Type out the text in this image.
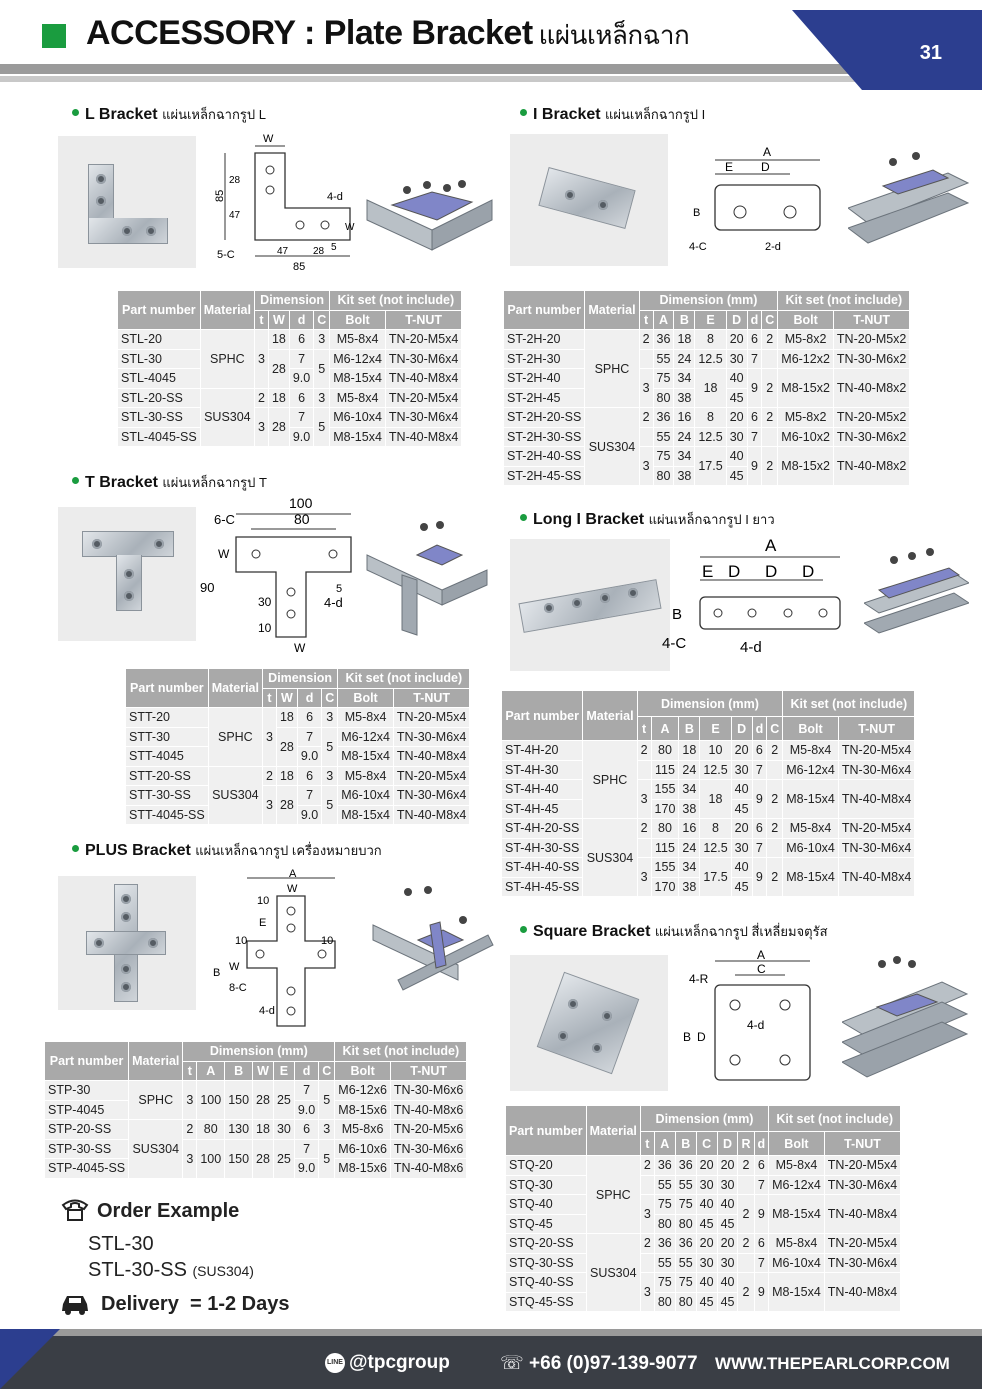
ACCESSORY : Plate Bracket แผ่นเหล็กฉาก
31
L Bracket แผ่นเหล็กฉากรูป L
W
85
28
47
47 28
85
4-d
5-C
W
5
Part number	Material	Dimension				Kit set (not include)	
		t	W	d	C	Bolt	T-NUT
STL-20	SPHC	3	18	6	3	M5-8x4	TN-20-M5x4
STL-30			28	7	5	M6-12x4	TN-30-M6x4
STL-4045				9.0		M8-15x4	TN-40-M8x4
STL-20-SS	SUS304	2	18	6	3	M5-8x4	TN-20-M5x4
STL-30-SS		3	28	7	5	M6-10x4	TN-30-M6x4
STL-4045-SS				9.0		M8-15x4	TN-40-M8x4
I Bracket แผ่นเหล็กฉากรูป I
A
E D
B
4-C	2-d
Part number	Material	Dimension (mm)							Kit set (not include)	
		t	A	B	E	D	d	C	Bolt	T-NUT
ST-2H-20	SPHC	2	36	18	8	20	6	2	M5-8x2	TN-20-M5x2
ST-2H-30			55	24	12.5	30	7		M6-12x2	TN-30-M6x2
ST-2H-40		3	75	34	18	40	9	2	M8-15x2	TN-40-M8x2
ST-2H-45			80	38		45				
ST-2H-20-SS	SUS304	2	36	16	8	20	6	2	M5-8x2	TN-20-M5x2
ST-2H-30-SS			55	24	12.5	30	7		M6-10x2	TN-30-M6x2
ST-2H-40-SS		3	75	34	17.5	40	9	2	M8-15x2	TN-40-M8x2
ST-2H-45-SS			80	38		45				
T Bracket แผ่นเหล็กฉากรูป T
100
80
6-C
W
90
10
30	4-d
W
5
Part number	Material	Dimension				Kit set (not include)	
		t	W	d	C	Bolt	T-NUT
STT-20	SPHC	3	18	6	3	M5-8x4	TN-20-M5x4
STT-30			28	7	5	M6-12x4	TN-30-M6x4
STT-4045				9.0		M8-15x4	TN-40-M8x4
STT-20-SS	SUS304	2	18	6	3	M5-8x4	TN-20-M5x4
STT-30-SS		3	28	7	5	M6-10x4	TN-30-M6x4
STT-4045-SS				9.0		M8-15x4	TN-40-M8x4
Long I Bracket แผ่นเหล็กฉากรูป I ยาว
A
E D D D
B
4-C	4-d
Part number	Material	Dimension (mm)							Kit set (not include)	
		t	A	B	E	D	d	C	Bolt	T-NUT
ST-4H-20	SPHC	2	80	18	10	20	6	2	M5-8x4	TN-20-M5x4
ST-4H-30			115	24	12.5	30	7		M6-12x4	TN-30-M6x4
ST-4H-40		3	155	34	18	40	9	2	M8-15x4	TN-40-M8x4
ST-4H-45			170	38		45				
ST-4H-20-SS	SUS304	2	80	16	8	20	6	2	M5-8x4	TN-20-M5x4
ST-4H-30-SS			115	24	12.5	30	7		M6-10x4	TN-30-M6x4
ST-4H-40-SS		3	155	34	17.5	40	9	2	M8-15x4	TN-40-M8x4
ST-4H-45-SS			170	38		45				
PLUS Bracket แผ่นเหล็กฉากรูป เครื่องหมายบวก
A
W
10
E
10	10
B W
8-C
4-d
Part number	Material	Dimension (mm)							Kit set (not include)	
		t	A	B	W	E	d	C	Bolt	T-NUT
STP-30	SPHC	3	100	150	28	25	7	5	M6-12x6	TN-30-M6x6
STP-4045							9.0		M8-15x6	TN-40-M8x6
STP-20-SS	SUS304	2	80	130	18	30	6	3	M5-8x6	TN-20-M5x6
STP-30-SS		3	100	150	28	25	7	5	M6-10x6	TN-30-M6x6
STP-4045-SS							9.0		M8-15x6	TN-40-M8x6
Square Bracket แผ่นเหล็กฉากรูป สี่เหลี่ยมจตุรัส
A
C
4-R
4-d
B D
Part number	Material	Dimension (mm)							Kit set (not include)	
		t	A	B	C	D	R	d	Bolt	T-NUT
STQ-20	SPHC	2	36	36	20	20	2	6	M5-8x4	TN-20-M5x4
STQ-30			55	55	30	30		7	M6-12x4	TN-30-M6x4
STQ-40		3	75	75	40	40	2	9	M8-15x4	TN-40-M8x4
STQ-45			80	80	45	45				
STQ-20-SS	SUS304	2	36	36	20	20	2	6	M5-8x4	TN-20-M5x4
STQ-30-SS			55	55	30	30		7	M6-10x4	TN-30-M6x4
STQ-40-SS		3	75	75	40	40	2	9	M8-15x4	TN-40-M8x4
STQ-45-SS			80	80	45	45				
Order Example
STL-30
STL-30-SS (SUS304)
Delivery = 1-2 Days
LINE @tpcgroup	☏ +66 (0)97-139-9077 WWW.THEPEARLCORP.COM
